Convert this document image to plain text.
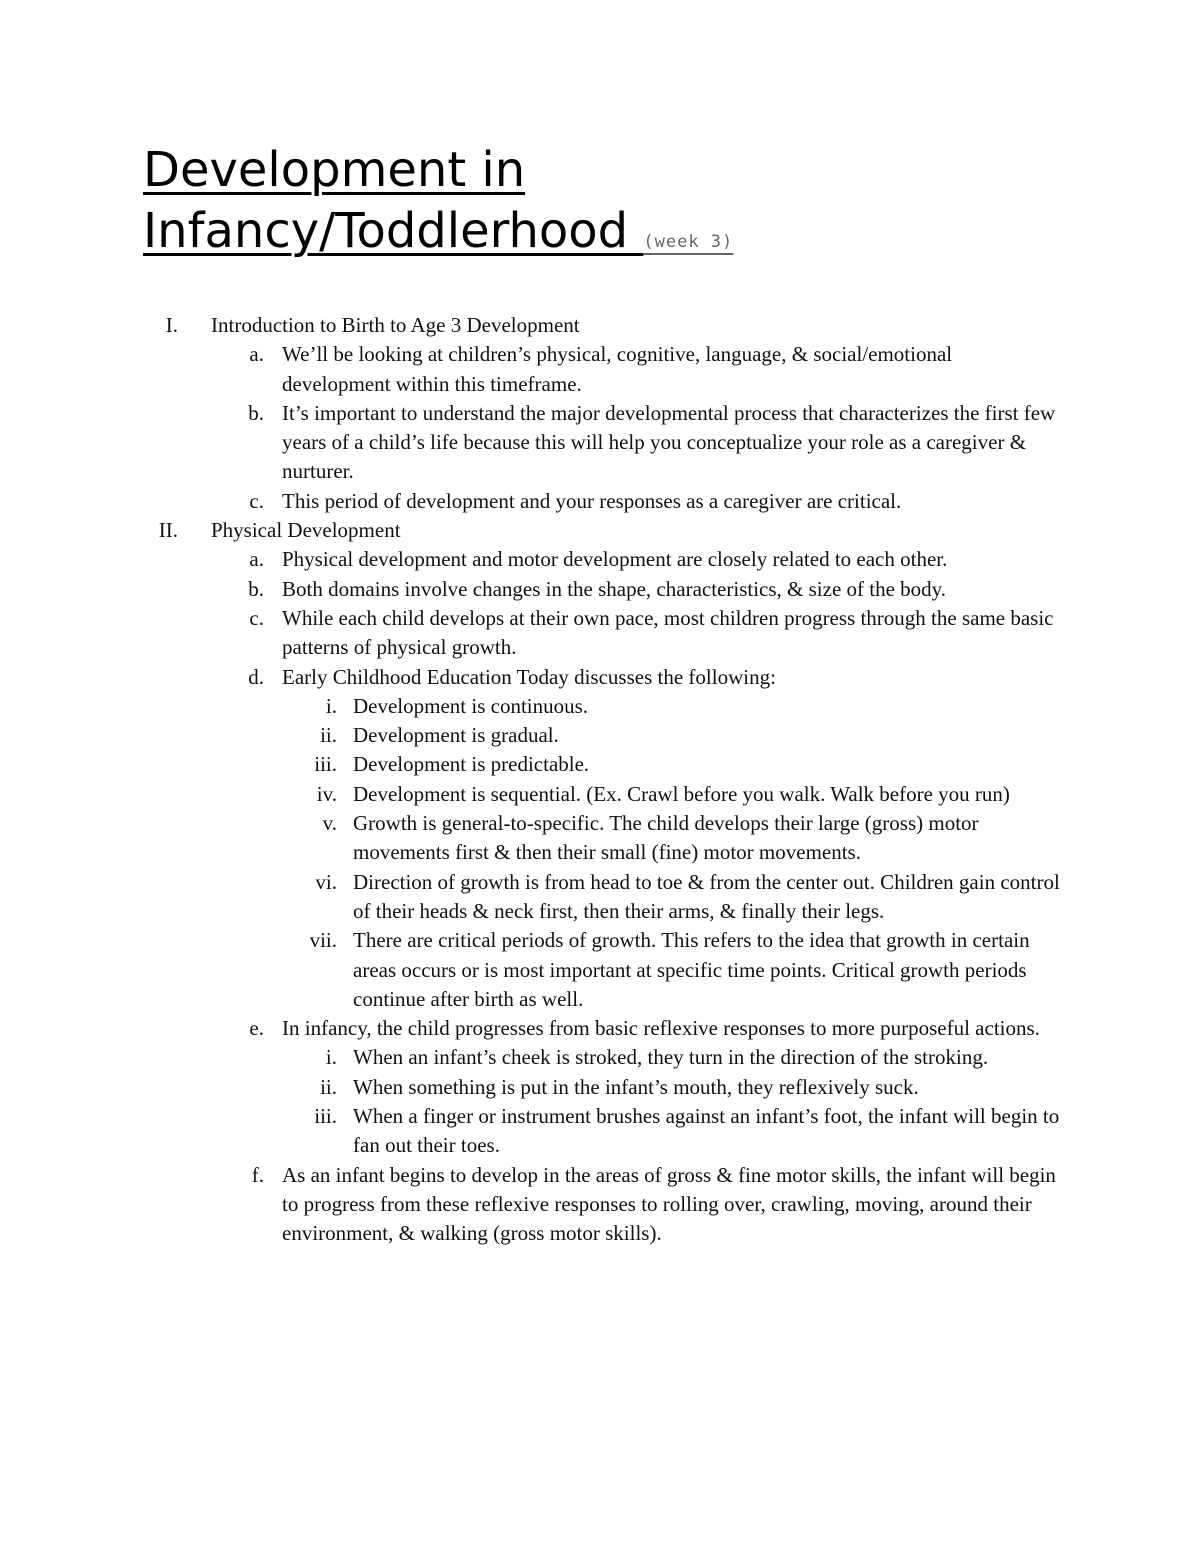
Development in
Infancy/Toddlerhood (week 3)
I. Introduction to Birth to Age 3 Development
a. We’ll be looking at children’s physical, cognitive, language, & social/emotional development within this timeframe.
b. It’s important to understand the major developmental process that characterizes the first few years of a child’s life because this will help you conceptualize your role as a caregiver & nurturer.
c. This period of development and your responses as a caregiver are critical.
II. Physical Development
a. Physical development and motor development are closely related to each other.
b. Both domains involve changes in the shape, characteristics, & size of the body.
c. While each child develops at their own pace, most children progress through the same basic patterns of physical growth.
d. Early Childhood Education Today discusses the following:
i. Development is continuous.
ii. Development is gradual.
iii. Development is predictable.
iv. Development is sequential. (Ex. Crawl before you walk. Walk before you run)
v. Growth is general-to-specific. The child develops their large (gross) motor movements first & then their small (fine) motor movements.
vi. Direction of growth is from head to toe & from the center out. Children gain control of their heads & neck first, then their arms, & finally their legs.
vii. There are critical periods of growth. This refers to the idea that growth in certain areas occurs or is most important at specific time points. Critical growth periods continue after birth as well.
e. In infancy, the child progresses from basic reflexive responses to more purposeful actions.
i. When an infant’s cheek is stroked, they turn in the direction of the stroking.
ii. When something is put in the infant’s mouth, they reflexively suck.
iii. When a finger or instrument brushes against an infant’s foot, the infant will begin to fan out their toes.
f. As an infant begins to develop in the areas of gross & fine motor skills, the infant will begin to progress from these reflexive responses to rolling over, crawling, moving, around their environment, & walking (gross motor skills).
